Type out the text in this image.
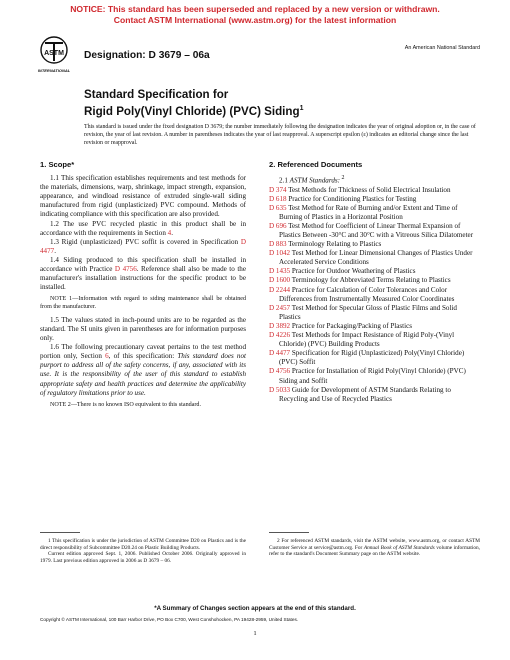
NOTICE: This standard has been superseded and replaced by a new version or withdrawn.
Contact ASTM International (www.astm.org) for the latest information
ASTM
INTERNATIONAL
Designation: D 3679 – 06a
An American National Standard
Standard Specification for
Rigid Poly(Vinyl Chloride) (PVC) Siding$^1$
This standard is issued under the fixed designation D 3679; the number immediately following the designation indicates the year of original adoption or, in the case of revision, the year of last revision. A number in parentheses indicates the year of last reapproval. A superscript epsilon (ε) indicates an editorial change since the last revision or reapproval.
1. Scope*

1.1 This specification establishes requirements and test methods for the materials, dimensions, warp, shrinkage, impact strength, expansion, appearance, and windload resistance of extruded single-wall siding manufactured from rigid (unplasticized) PVC compound. Methods of indicating compliance with this specification are also provided.

1.2 The use PVC recycled plastic in this product shall be in accordance with the requirements in Section 4.

1.3 Rigid (unplasticized) PVC soffit is covered in Specification D 4477.

1.4 Siding produced to this specification shall be installed in accordance with Practice D 4756. Reference shall also be made to the manufacturer's installation instructions for the specific product to be installed.

NOTE 1—Information with regard to siding maintenance shall be obtained from the manufacturer.

1.5 The values stated in inch-pound units are to be regarded as the standard. The SI units given in parentheses are for information purposes only.

1.6 The following precautionary caveat pertains to the test method portion only, Section 6, of this specification: This standard does not purport to address all of the safety concerns, if any, associated with its use. It is the responsibility of the user of this standard to establish appropriate safety and health practices and determine the applicability of regulatory limitations prior to use.

NOTE 2—There is no known ISO equivalent to this standard.

2. Referenced Documents

2.1 ASTM Standards: $^2$

D 374 Test Methods for Thickness of Solid Electrical Insulation

D 618 Practice for Conditioning Plastics for Testing

D 635 Test Method for Rate of Burning and/or Extent and Time of Burning of Plastics in a Horizontal Position

D 696 Test Method for Coefficient of Linear Thermal Expansion of Plastics Between -30°C and 30°C with a Vitreous Silica Dilatometer

D 883 Terminology Relating to Plastics

D 1042 Test Method for Linear Dimensional Changes of Plastics Under Accelerated Service Conditions

D 1435 Practice for Outdoor Weathering of Plastics

D 1600 Terminology for Abbreviated Terms Relating to Plastics

D 2244 Practice for Calculation of Color Tolerances and Color Differences from Instrumentally Measured Color Coordinates

D 2457 Test Method for Specular Gloss of Plastic Films and Solid Plastics

D 3892 Practice for Packaging/Packing of Plastics

D 4226 Test Methods for Impact Resistance of Rigid Poly-(Vinyl Chloride) (PVC) Building Products

D 4477 Specification for Rigid (Unplasticized) Poly(Vinyl Chloride) (PVC) Soffit

D 4756 Practice for Installation of Rigid Poly(Vinyl Chloride) (PVC) Siding and Soffit

D 5033 Guide for Development of ASTM Standards Relating to Recycling and Use of Recycled Plastics

1 This specification is under the jurisdiction of ASTM Committee D20 on Plastics and is the direct responsibility of Subcommittee D20.24 on Plastic Building Products.
Current edition approved Sept. 1, 2006. Published October 2006. Originally approved in 1979. Last previous edition approved in 2006 as D 3679 – 06.
2 For referenced ASTM standards, visit the ASTM website, www.astm.org, or contact ASTM Customer Service at service@astm.org. For Annual Book of ASTM Standards volume information, refer to the standard's Document Summary page on the ASTM website.
*A Summary of Changes section appears at the end of this standard.
Copyright © ASTM International, 100 Barr Harbor Drive, PO Box C700, West Conshohocken, PA 19428-2959, United States.
1
